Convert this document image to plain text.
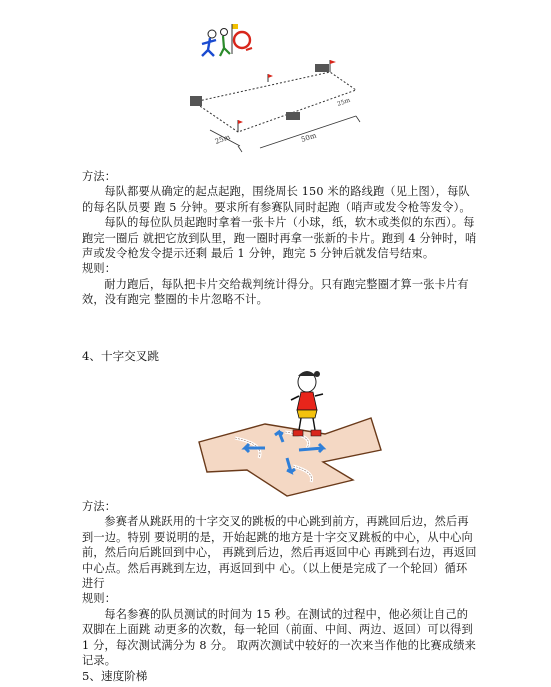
25m	50m
25m

方法：

每队都要从确定的起点起跑，围绕周长 150 米的路线跑（见上图），每队的每名队员要 跑 5 分钟。要求所有参赛队同时起跑（哨声或发令枪等发令）。

每队的每位队员起跑时拿着一张卡片（小球，纸，软木或类似的东西）。每跑完一圈后 就把它放到队里，跑一圈时再拿一张新的卡片。跑到 4 分钟时，哨声或发令枪发令提示还剩 最后 1 分钟，跑完 5 分钟后就发信号结束。

规则：

耐力跑后，每队把卡片交给裁判统计得分。只有跑完整圈才算一张卡片有效，没有跑完 整圈的卡片忽略不计。

4、十字交叉跳

方法：

参赛者从跳跃用的十字交叉的跳板的中心跳到前方，再跳回后边，然后再到一边。特别 要说明的是，开始起跳的地方是十字交叉跳板的中心，从中心向前，然后向后跳回到中心， 再跳到后边，然后再返回中心 再跳到右边，再返回中心点。然后再跳到左边，再返回到中 心。（以上便是完成了一个轮回）循环进行

规则：

每名参赛的队员测试的时间为 15 秒。在测试的过程中，他必须让自己的双脚在上面跳 动更多的次数，每一轮回（前面、中间、两边、返回）可以得到 1 分，每次测试满分为 8 分。 取两次测试中较好的一次来当作他的比赛成绩来记录。

5、速度阶梯
